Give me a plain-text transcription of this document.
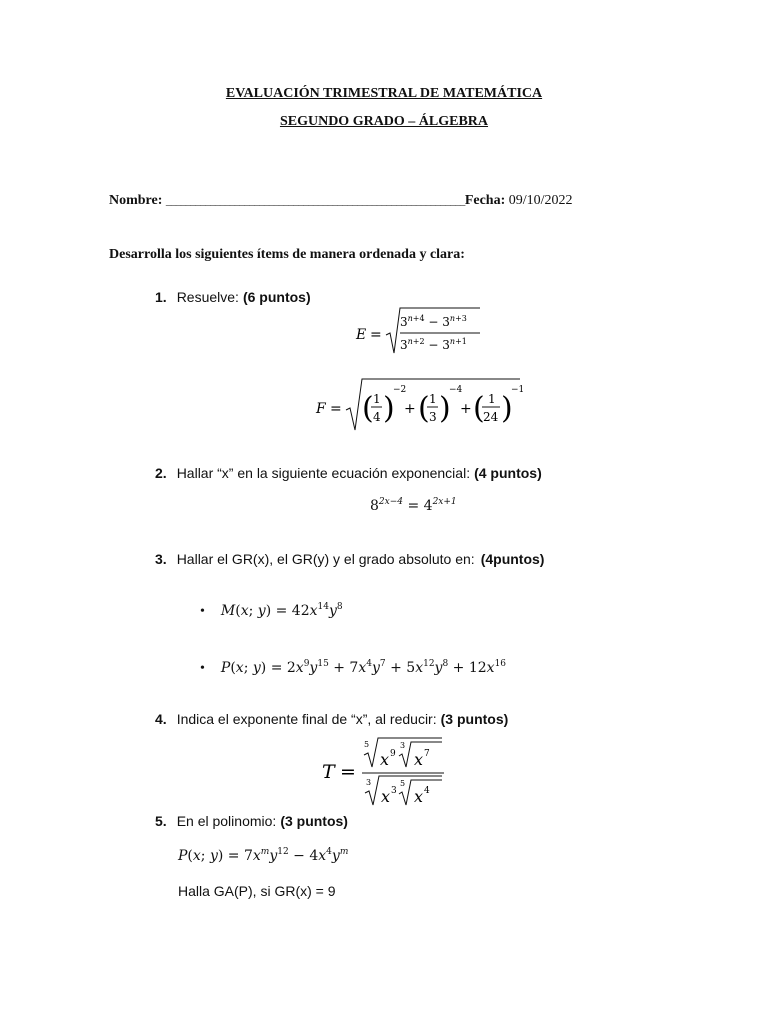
EVALUACIÓN TRIMESTRAL DE MATEMÁTICA
SEGUNDO GRADO – ÁLGEBRA
Nombre: _____________________________________________________________Fecha: 09/10/2022
Desarrolla los siguientes ítems de manera ordenada y clara:
1. Resuelve: (6 puntos)
E =
$3^n+4 - 3^n+3$
$3^n+2 - 3^n+1$
F = ( 1
4 )
−2
+ ( 1
3 )
−4
+ ( 1
24 )
−1
2. Hallar “x” en la siguiente ecuación exponencial: (4 puntos)
$8^{2x-4} = 4^{2x+1}$
3. Hallar el GR(x), el GR(y) y el grado absoluto en: (4puntos)
• M(x; $y) = 42x^{14}y^8$
• P(x; $y) = 2x^9y^{15} + 7x^4y^7 + 5x^{12}y^8 + 12x^{16}$
4. Indica el exponente final de “x”, al reducir: (3 puntos)
T =
5
x 9
3
x 7
3
x 3
5
x 4
5. En el polinomio: (3 puntos)
P(x; $y) = 7x^my^{12} - 4x^4y^m$
Halla GA(P), si GR(x) = 9
